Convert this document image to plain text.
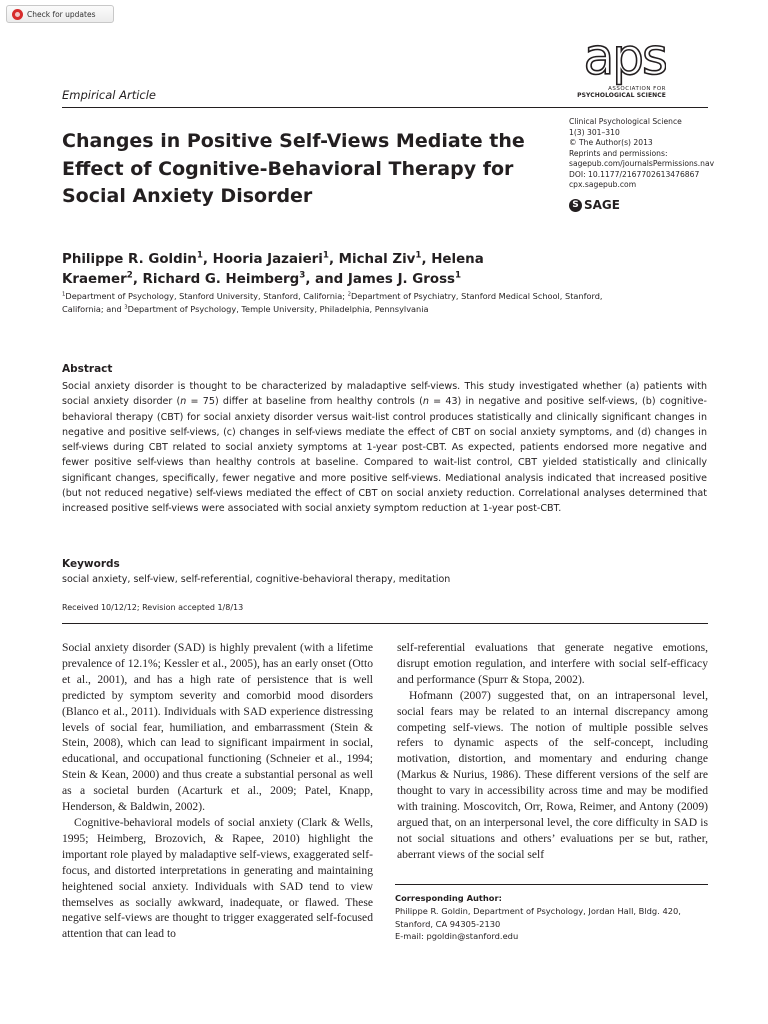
Check for updates
Empirical Article
aps
ASSOCIATION FOR
PSYCHOLOGICAL SCIENCE
Changes in Positive Self-Views Mediate the
Effect of Cognitive-Behavioral Therapy for
Social Anxiety Disorder
Clinical Psychological Science
1(3) 301–310
© The Author(s) 2013
Reprints and permissions:
sagepub.com/journalsPermissions.nav
DOI: 10.1177/2167702613476867
cpx.sagepub.com
S SAGE
Philippe R. Goldin$^1$, Hooria Jazaieri$^1$, Michal Ziv$^1$, Helena
Kraemer$^2$, Richard G. Heimberg$^3$, and James J. Gross$^1$
$^1$Department of Psychology, Stanford University, Stanford, California; $^2$Department of Psychiatry, Stanford Medical School, Stanford,
California; and $^3$Department of Psychology, Temple University, Philadelphia, Pennsylvania
Abstract
Social anxiety disorder is thought to be characterized by maladaptive self-views. This study investigated whether (a) patients with social anxiety disorder (n = 75) differ at baseline from healthy controls (n = 43) in negative and positive self-views, (b) cognitive-behavioral therapy (CBT) for social anxiety disorder versus wait-list control produces statistically and clinically significant changes in negative and positive self-views, (c) changes in self-views mediate the effect of CBT on social anxiety symptoms, and (d) changes in self-views during CBT related to social anxiety symptoms at 1-year post-CBT. As expected, patients endorsed more negative and fewer positive self-views than healthy controls at baseline. Compared to wait-list control, CBT yielded statistically and clinically significant changes, specifically, fewer negative and more positive self-views. Mediational analysis indicated that increased positive (but not reduced negative) self-views mediated the effect of CBT on social anxiety reduction. Correlational analyses determined that increased positive self-views were associated with social anxiety symptom reduction at 1-year post-CBT.
Keywords
social anxiety, self-view, self-referential, cognitive-behavioral therapy, meditation
Received 10/12/12; Revision accepted 1/8/13

Social anxiety disorder (SAD) is highly prevalent (with a lifetime prevalence of 12.1%; Kessler et al., 2005), has an early onset (Otto et al., 2001), and has a high rate of persistence that is well predicted by symptom severity and comorbid mood disorders (Blanco et al., 2011). Individuals with SAD experience distressing levels of social fear, humiliation, and embarrassment (Stein & Stein, 2008), which can lead to significant impairment in social, educational, and occupational functioning (Schneier et al., 1994; Stein & Kean, 2000) and thus create a substantial personal as well as a societal burden (Acarturk et al., 2009; Patel, Knapp, Henderson, & Baldwin, 2002).

Cognitive-behavioral models of social anxiety (Clark & Wells, 1995; Heimberg, Brozovich, & Rapee, 2010) highlight the important role played by maladaptive self-views, exaggerated self-focus, and distorted interpretations in generating and maintaining heightened social anxiety. Individuals with SAD tend to view themselves as socially awkward, inadequate, or flawed. These negative self-views are thought to trigger exaggerated self-focused attention that can lead to

self-referential evaluations that generate negative emotions, disrupt emotion regulation, and interfere with social self-efficacy and performance (Spurr & Stopa, 2002).

Hofmann (2007) suggested that, on an intrapersonal level, social fears may be related to an internal discrepancy among competing self-views. The notion of multiple possible selves refers to dynamic aspects of the self-concept, including motivation, distortion, and momentary and enduring change (Markus & Nurius, 1986). These different versions of the self are thought to vary in accessibility across time and may be modified with training. Moscovitch, Orr, Rowa, Reimer, and Antony (2009) argued that, on an interpersonal level, the core difficulty in SAD is not social situations and others’ evaluations per se but, rather, aberrant views of the social self

Corresponding Author:
Philippe R. Goldin, Department of Psychology, Jordan Hall, Bldg. 420,
Stanford, CA 94305-2130
E-mail: pgoldin@stanford.edu
